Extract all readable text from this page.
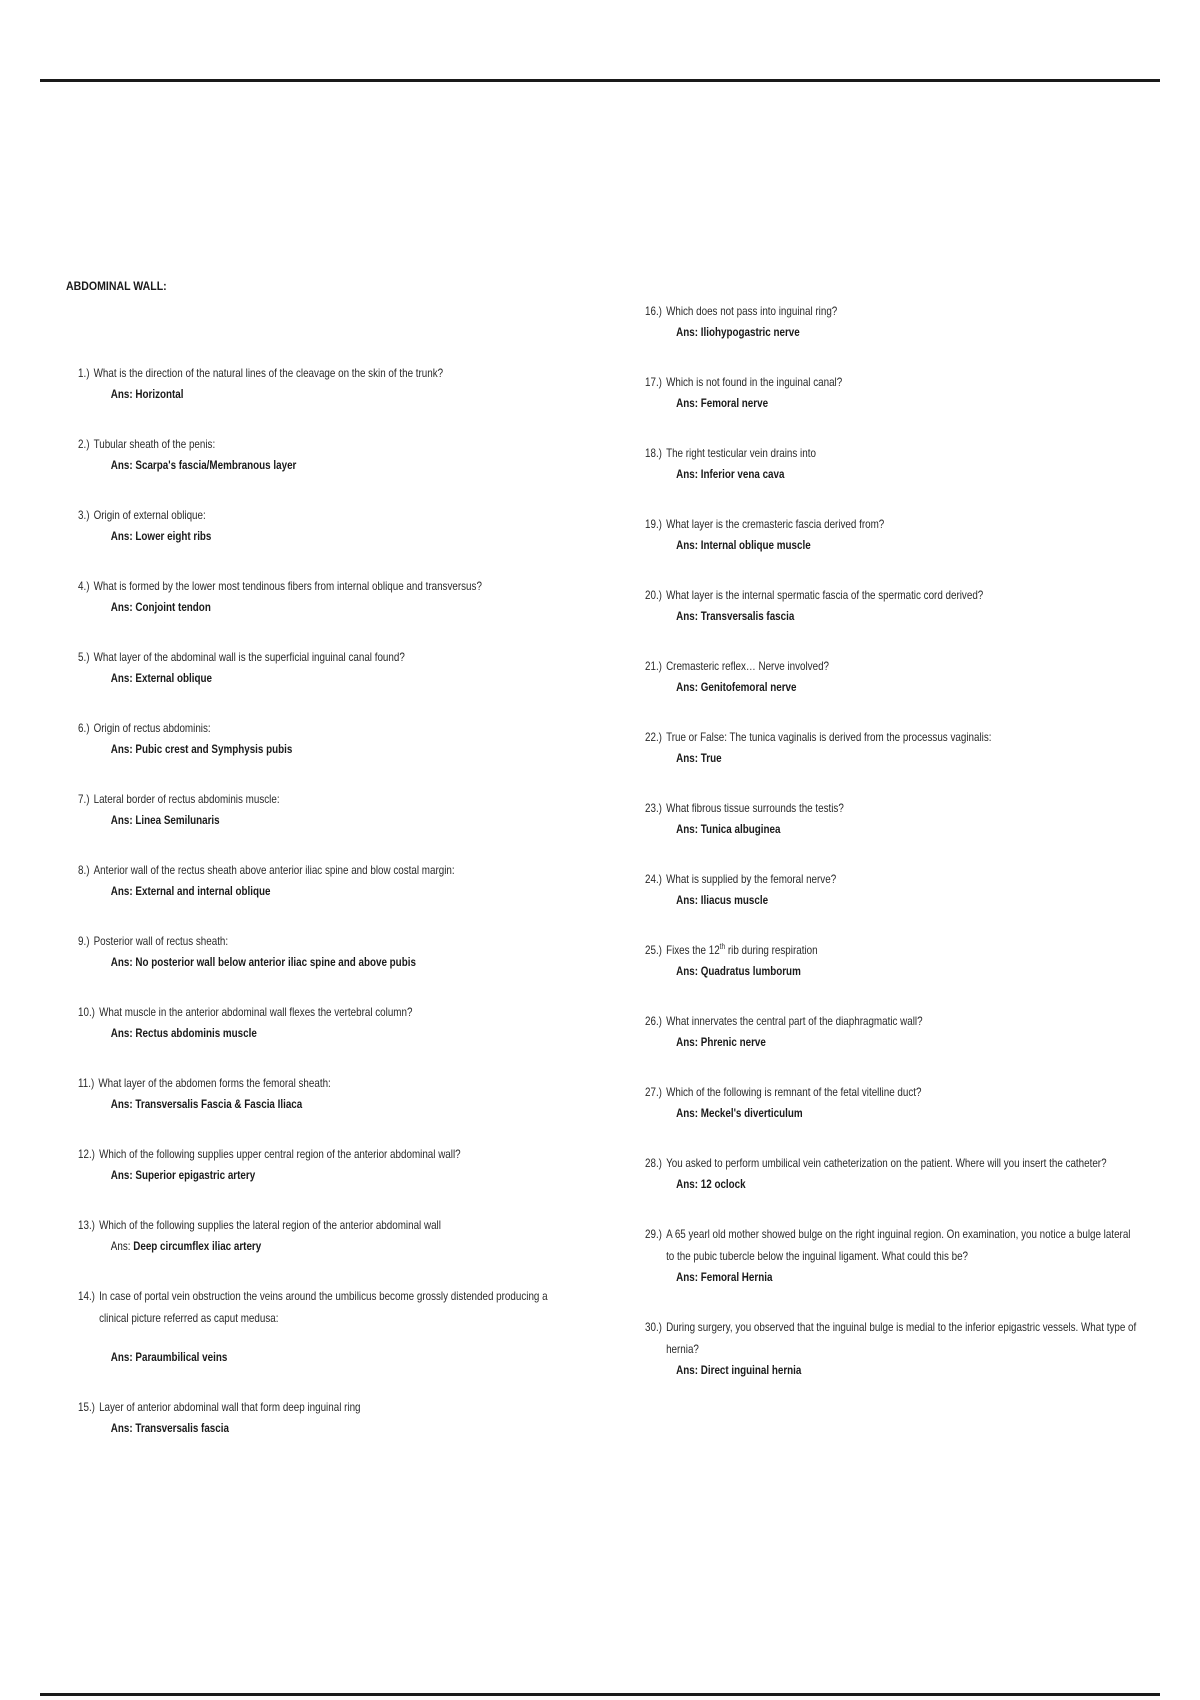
ABDOMINAL WALL:
1.) What is the direction of the natural lines of the cleavage on the skin of the trunk?
Ans: Horizontal
2.) Tubular sheath of the penis:
Ans: Scarpa's fascia/Membranous layer
3.) Origin of external oblique:
Ans: Lower eight ribs
4.) What is formed by the lower most tendinous fibers from internal oblique and transversus?
Ans: Conjoint tendon
5.) What layer of the abdominal wall is the superficial inguinal canal found?
Ans: External oblique
6.) Origin of rectus abdominis:
Ans: Pubic crest and Symphysis pubis
7.) Lateral border of rectus abdominis muscle:
Ans: Linea Semilunaris
8.) Anterior wall of the rectus sheath above anterior iliac spine and blow costal margin:
Ans: External and internal oblique
9.) Posterior wall of rectus sheath:
Ans: No posterior wall below anterior iliac spine and above pubis
10.) What muscle in the anterior abdominal wall flexes the vertebral column?
Ans: Rectus abdominis muscle
11.) What layer of the abdomen forms the femoral sheath:
Ans: Transversalis Fascia & Fascia Iliaca
12.) Which of the following supplies upper central region of the anterior abdominal wall?
Ans: Superior epigastric artery
13.) Which of the following supplies the lateral region of the anterior abdominal wall
Ans: Deep circumflex iliac artery
14.) In case of portal vein obstruction the veins around the umbilicus become grossly distended producing a clinical picture referred as caput medusa:
Ans: Paraumbilical veins
15.) Layer of anterior abdominal wall that form deep inguinal ring
Ans: Transversalis fascia
16.) Which does not pass into inguinal ring?
Ans: Iliohypogastric nerve
17.) Which is not found in the inguinal canal?
Ans: Femoral nerve
18.) The right testicular vein drains into
Ans: Inferior vena cava
19.) What layer is the cremasteric fascia derived from?
Ans: Internal oblique muscle
20.) What layer is the internal spermatic fascia of the spermatic cord derived?
Ans: Transversalis fascia
21.) Cremasteric reflex… Nerve involved?
Ans: Genitofemoral nerve
22.) True or False: The tunica vaginalis is derived from the processus vaginalis:
Ans: True
23.) What fibrous tissue surrounds the testis?
Ans: Tunica albuginea
24.) What is supplied by the femoral nerve?
Ans: Iliacus muscle
25.) Fixes the 12th rib during respiration
Ans: Quadratus lumborum
26.) What innervates the central part of the diaphragmatic wall?
Ans: Phrenic nerve
27.) Which of the following is remnant of the fetal vitelline duct?
Ans: Meckel's diverticulum
28.) You asked to perform umbilical vein catheterization on the patient. Where will you insert the catheter?
Ans: 12 oclock
29.) A 65 yearl old mother showed bulge on the right inguinal region. On examination, you notice a bulge lateral to the pubic tubercle below the inguinal ligament. What could this be?
Ans: Femoral Hernia
30.) During surgery, you observed that the inguinal bulge is medial to the inferior epigastric vessels. What type of hernia?
Ans: Direct inguinal hernia
